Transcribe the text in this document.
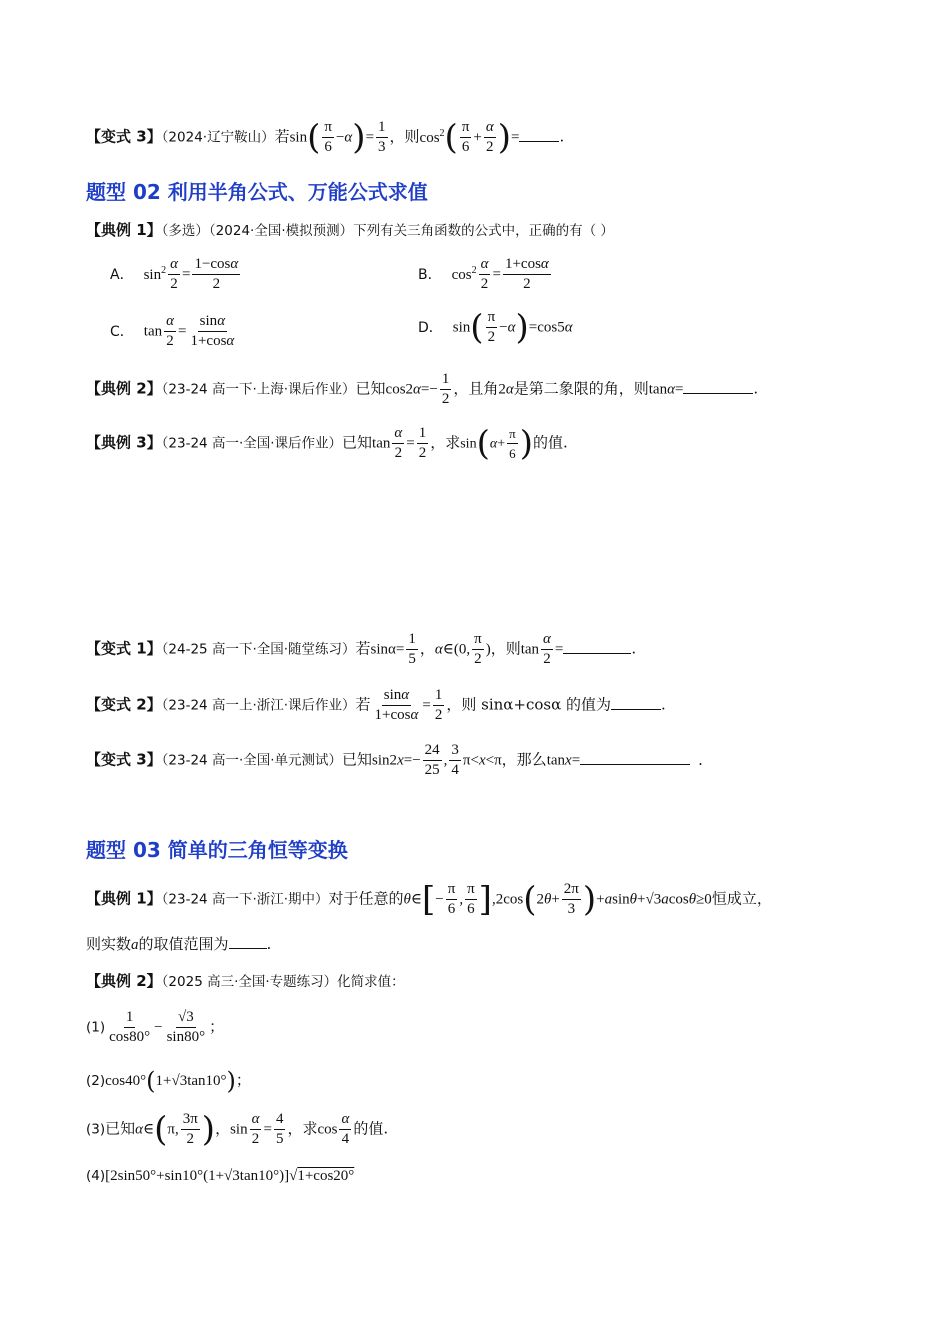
【变式 3】（2024·辽宁鞍山）若$\sin( \frac{\pi}{6} -\alpha)= \frac{1}{3}$ ，则$\cos^2( \frac{\pi}{6} + \frac{\alpha}{2}$ )=	.
题型 02 利用半角公式、万能公式求值
【典例 1】（多选）（2024·全国·模拟预测）下列有关三角函数的公式中，正确的有（ ）
A． $\sin^2 \frac{\alpha}{2} = \frac{1-\cos\alpha}{2}$	B． $\cos^2 \frac{\alpha}{2} = \frac{1+\cos\alpha}{2}$
C． $\tan \frac{\alpha}{2} = \frac{\sin\alpha}{1+\cos\alpha}$	D． $\sin( \frac{\pi}{2} -\alpha)=\cos 5\alpha$
【典例 2】（23-24 高一下·上海·课后作业）已知$\cos 2\alpha=- \frac{1}{2}$ ，且角2α是第二象限的角，则tanα=	.
【典例 3】（23-24 高一·全国·课后作业）已知$\tan \frac{\alpha}{2} = \frac{1}{2}$ ，求$\sin(\alpha+ \frac{\pi}{6}$ )的值.
【变式 1】（24-25 高一下·全国·随堂练习）若$\sin\alpha= \frac{1}{5}$ ，α∈(0, $\frac{\pi}{2}$ )，则$\tan \frac{\alpha}{2}$ =	.
【变式 2】（23-24 高一上·浙江·课后作业）若 $\frac{\sin\alpha}{1+\cos\alpha} = \frac{1}{2}$ ，则 sinα+cosα 的值为	.
【变式 3】（23-24 高一·全国·单元测试）已知$\sin 2x=- \frac{24}{25}$ , $\frac{3}{4} \pi<x<\pi$，那么tanx=	.
题型 03 简单的三角恒等变换
【典例 1】（23-24 高一下·浙江·期中）对于任意的θ∈[− $\frac{\pi}{6}$ , $\frac{\pi}{6} ],2\cos(2\theta+ \frac{2\pi}{3} )+asin\theta+√3acos\theta\ge 0$恒成立，
则实数a的取值范围为	.
【典例 2】（2025 高三·全国·专题练习）化简求值：
$(1) \frac{1}{\cos 80^\circ} - \frac{√3}{\sin 80^\circ}$ ；
(2)cos40°(1+√3tan10°)；
(3)已知α∈(π, $\frac{3\pi}{2}$ )，$\sin \frac{\alpha}{2} = \frac{4}{5}$ ，求$\cos \frac{\alpha}{4}$ 的值.
(4)[2sin50°+sin10°(1+√3tan10°)]√1+cos20°
